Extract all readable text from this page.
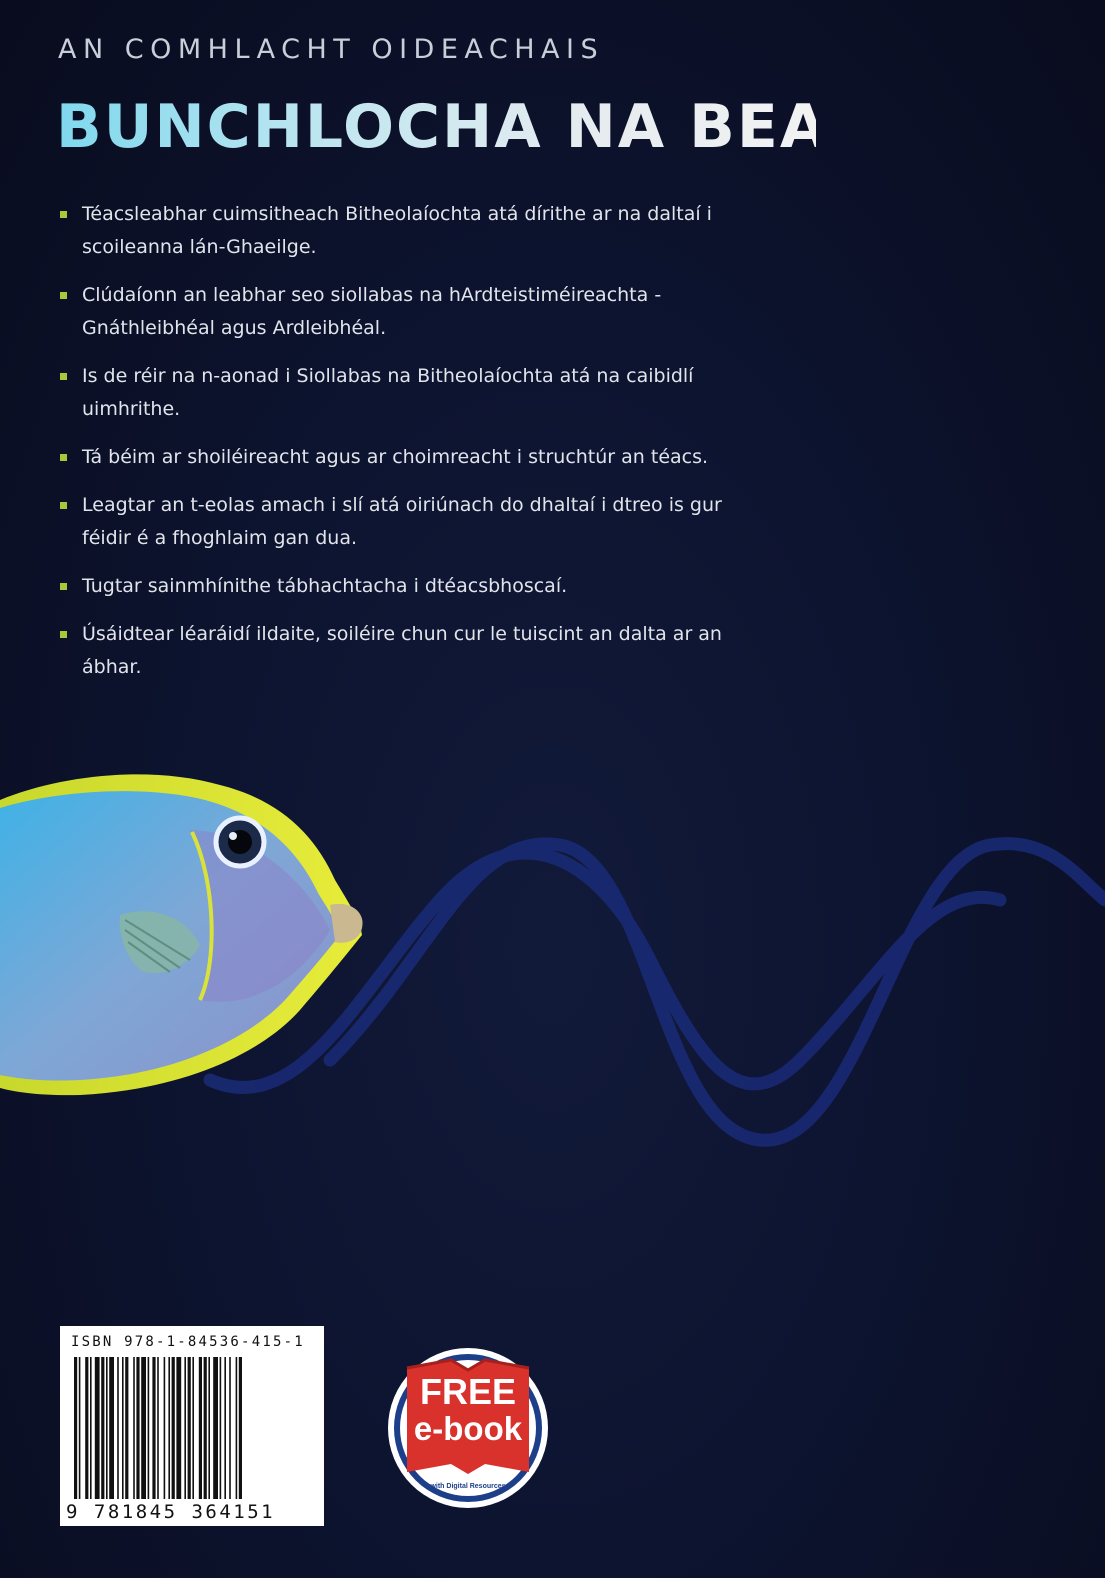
AN COMHLACHT OIDEACHAIS
BUNCHLOCHA NA BEATHA
Téacsleabhar cuimsitheach Bitheolaíochta atá dírithe ar na daltaí i scoileanna lán-Ghaeilge.
Clúdaíonn an leabhar seo siollabas na hArdteistiméireachta - Gnáthleibhéal agus Ardleibhéal.
Is de réir na n-aonad i Siollabas na Bitheolaíochta atá na caibidlí uimhrithe.
Tá béim ar shoiléireacht agus ar choimreacht i struchtúr an téacs.
Leagtar an t-eolas amach i slí atá oiriúnach do dhaltaí i dtreo is gur féidir é a fhoghlaim gan dua.
Tugtar sainmhínithe tábhachtacha i dtéacsbhoscaí.
Úsáidtear léaráidí ildaite, soiléire chun cur le tuiscint an dalta ar an ábhar.
ISBN 978-1-84536-415-1
9 781845 364151
FREE
e-book
with Digital Resources
